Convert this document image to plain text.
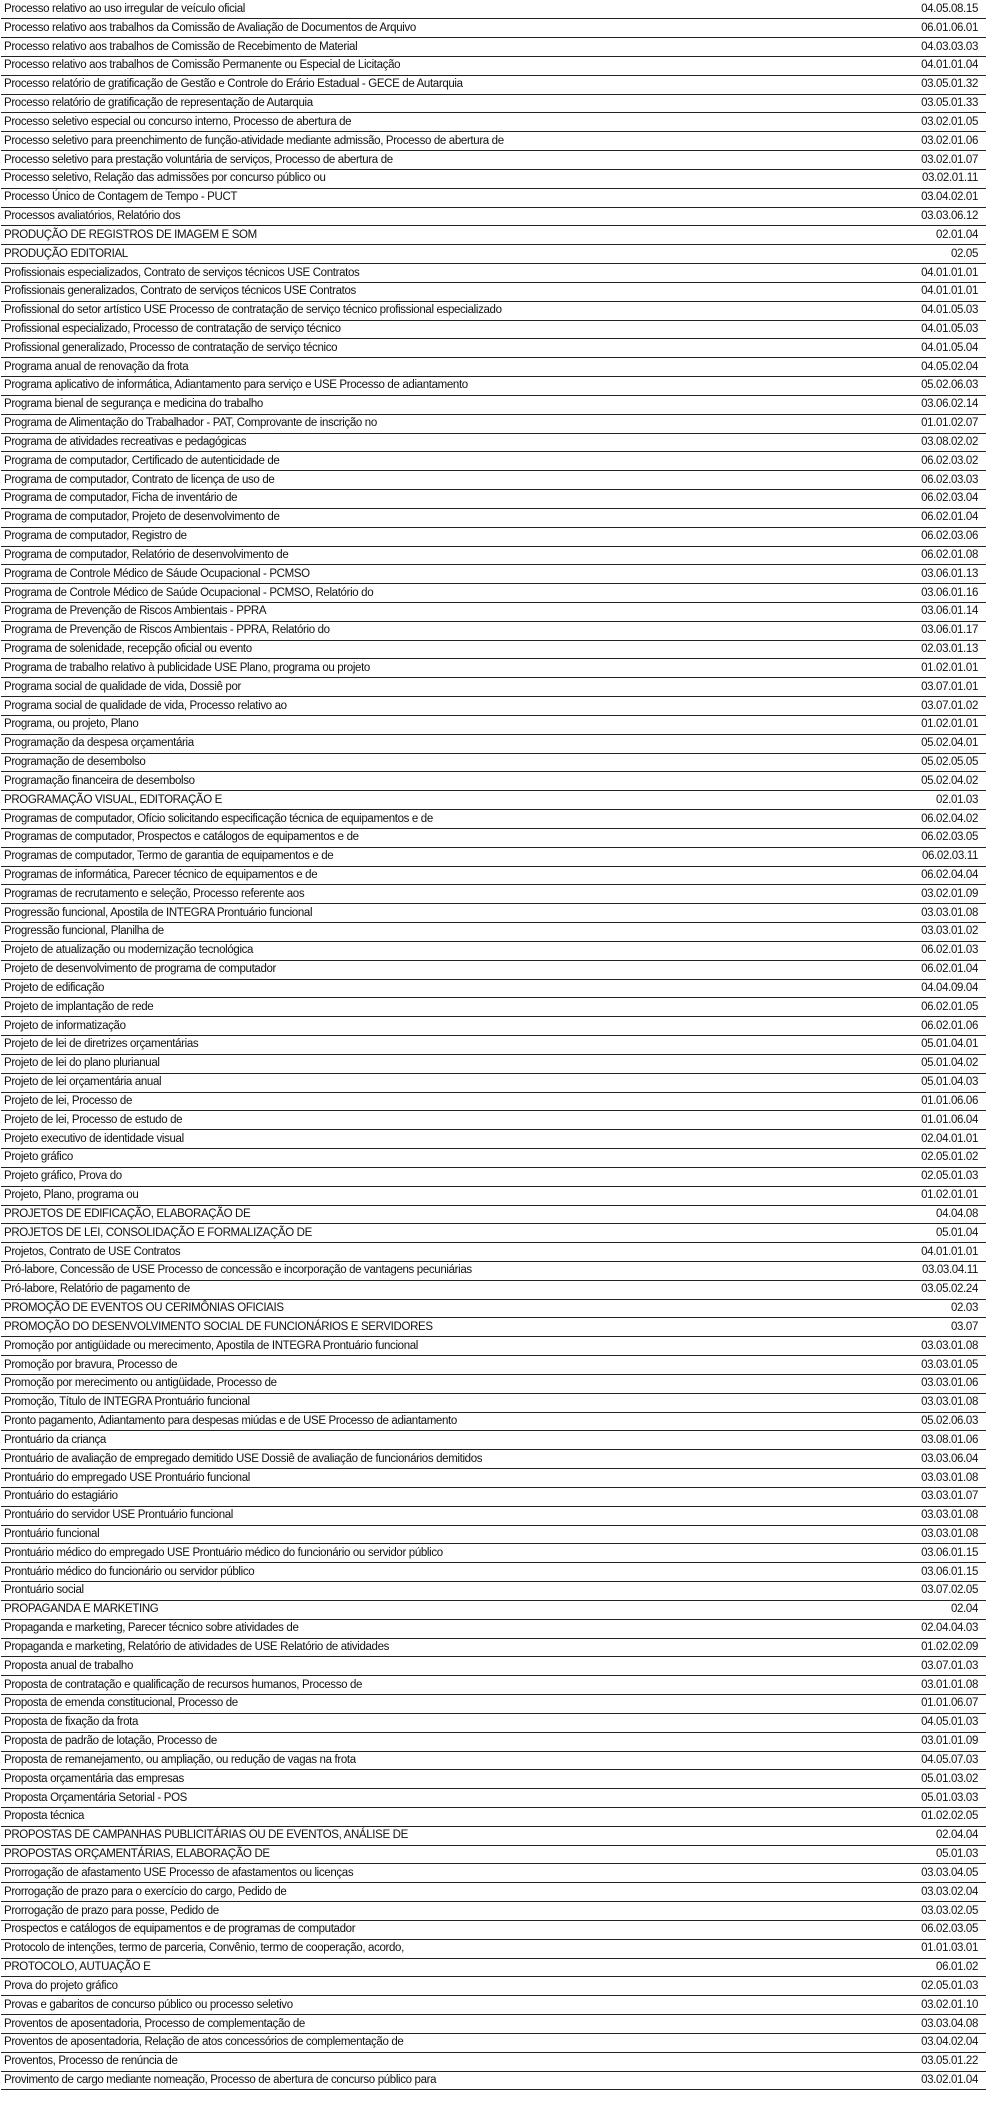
Processo relativo ao uso irregular de veículo oficial	04.05.08.15
Processo relativo aos trabalhos da Comissão de Avaliação de Documentos de Arquivo	06.01.06.01
Processo relativo aos trabalhos de Comissão de Recebimento de Material	04.03.03.03
Processo relativo aos trabalhos de Comissão Permanente ou Especial de Licitação	04.01.01.04
Processo relatório de gratificação de Gestão e Controle do Erário Estadual - GECE de Autarquia	03.05.01.32
Processo relatório de gratificação de representação de Autarquia	03.05.01.33
Processo seletivo especial ou concurso interno, Processo de abertura de	03.02.01.05
Processo seletivo para preenchimento de função-atividade mediante admissão, Processo de abertura de	03.02.01.06
Processo seletivo para prestação voluntária de serviços, Processo de abertura de	03.02.01.07
Processo seletivo, Relação das admissões por concurso público ou	03.02.01.11
Processo Único de Contagem de Tempo - PUCT	03.04.02.01
Processos avaliatórios, Relatório dos	03.03.06.12
PRODUÇÃO DE REGISTROS DE IMAGEM E SOM	02.01.04
PRODUÇÃO EDITORIAL	02.05
Profissionais especializados, Contrato de serviços técnicos USE Contratos	04.01.01.01
Profissionais generalizados, Contrato de serviços técnicos USE Contratos	04.01.01.01
Profissional do setor artístico USE Processo de contratação de serviço técnico profissional especializado	04.01.05.03
Profissional especializado, Processo de contratação de serviço técnico	04.01.05.03
Profissional generalizado, Processo de contratação de serviço técnico	04.01.05.04
Programa anual de renovação da frota	04.05.02.04
Programa aplicativo de informática, Adiantamento para serviço e USE Processo de adiantamento	05.02.06.03
Programa bienal de segurança e medicina do trabalho	03.06.02.14
Programa de Alimentação do Trabalhador - PAT, Comprovante de inscrição no	01.01.02.07
Programa de atividades recreativas e pedagógicas	03.08.02.02
Programa de computador, Certificado de autenticidade de	06.02.03.02
Programa de computador, Contrato de licença de uso de	06.02.03.03
Programa de computador, Ficha de inventário de	06.02.03.04
Programa de computador, Projeto de desenvolvimento de	06.02.01.04
Programa de computador, Registro de	06.02.03.06
Programa de computador, Relatório de desenvolvimento de	06.02.01.08
Programa de Controle Médico de Sáude Ocupacional - PCMSO	03.06.01.13
Programa de Controle Médico de Saúde Ocupacional - PCMSO, Relatório do	03.06.01.16
Programa de Prevenção de Riscos Ambientais - PPRA	03.06.01.14
Programa de Prevenção de Riscos Ambientais - PPRA, Relatório do	03.06.01.17
Programa de solenidade, recepção oficial ou evento	02.03.01.13
Programa de trabalho relativo à publicidade USE Plano, programa ou projeto	01.02.01.01
Programa social de qualidade de vida, Dossiê por	03.07.01.01
Programa social de qualidade de vida, Processo relativo ao	03.07.01.02
Programa, ou projeto, Plano	01.02.01.01
Programação da despesa orçamentária	05.02.04.01
Programação de desembolso	05.02.05.05
Programação financeira de desembolso	05.02.04.02
PROGRAMAÇÃO VISUAL, EDITORAÇÃO E	02.01.03
Programas de computador, Ofício solicitando especificação técnica de equipamentos e de	06.02.04.02
Programas de computador, Prospectos e catálogos de equipamentos e de	06.02.03.05
Programas de computador, Termo de garantia de equipamentos e de	06.02.03.11
Programas de informática, Parecer técnico de equipamentos e de	06.02.04.04
Programas de recrutamento e seleção, Processo referente aos	03.02.01.09
Progressão funcional, Apostila de INTEGRA Prontuário funcional	03.03.01.08
Progressão funcional, Planilha de	03.03.01.02
Projeto de atualização ou modernização tecnológica	06.02.01.03
Projeto de desenvolvimento de programa de computador	06.02.01.04
Projeto de edificação	04.04.09.04
Projeto de implantação de rede	06.02.01.05
Projeto de informatização	06.02.01.06
Projeto de lei de diretrizes orçamentárias	05.01.04.01
Projeto de lei do plano plurianual	05.01.04.02
Projeto de lei orçamentária anual	05.01.04.03
Projeto de lei, Processo de	01.01.06.06
Projeto de lei, Processo de estudo de	01.01.06.04
Projeto executivo de identidade visual	02.04.01.01
Projeto gráfico	02.05.01.02
Projeto gráfico, Prova do	02.05.01.03
Projeto, Plano, programa ou	01.02.01.01
PROJETOS DE EDIFICAÇÃO, ELABORAÇÃO DE	04.04.08
PROJETOS DE LEI, CONSOLIDAÇÃO E FORMALIZAÇÃO DE	05.01.04
Projetos, Contrato de USE Contratos	04.01.01.01
Pró-labore, Concessão de USE Processo de concessão e incorporação de vantagens pecuniárias	03.03.04.11
Pró-labore, Relatório de pagamento de	03.05.02.24
PROMOÇÃO DE EVENTOS OU CERIMÔNIAS OFICIAIS	02.03
PROMOÇÃO DO DESENVOLVIMENTO SOCIAL DE FUNCIONÁRIOS E SERVIDORES	03.07
Promoção por antigüidade ou merecimento, Apostila de INTEGRA Prontuário funcional	03.03.01.08
Promoção por bravura, Processo de	03.03.01.05
Promoção por merecimento ou antigüidade, Processo de	03.03.01.06
Promoção, Título de INTEGRA Prontuário funcional	03.03.01.08
Pronto pagamento, Adiantamento para despesas miúdas e de USE Processo de adiantamento	05.02.06.03
Prontuário da criança	03.08.01.06
Prontuário de avaliação de empregado demitido USE Dossiê de avaliação de funcionários demitidos	03.03.06.04
Prontuário do empregado USE Prontuário funcional	03.03.01.08
Prontuário do estagiário	03.03.01.07
Prontuário do servidor USE Prontuário funcional	03.03.01.08
Prontuário funcional	03.03.01.08
Prontuário médico do empregado USE Prontuário médico do funcionário ou servidor público	03.06.01.15
Prontuário médico do funcionário ou servidor público	03.06.01.15
Prontuário social	03.07.02.05
PROPAGANDA E MARKETING	02.04
Propaganda e marketing, Parecer técnico sobre atividades de	02.04.04.03
Propaganda e marketing, Relatório de atividades de USE Relatório de atividades	01.02.02.09
Proposta anual de trabalho	03.07.01.03
Proposta de contratação e qualificação de recursos humanos, Processo de	03.01.01.08
Proposta de emenda constitucional, Processo de	01.01.06.07
Proposta de fixação da frota	04.05.01.03
Proposta de padrão de lotação, Processo de	03.01.01.09
Proposta de remanejamento, ou ampliação, ou redução de vagas na frota	04.05.07.03
Proposta orçamentária das empresas	05.01.03.02
Proposta Orçamentária Setorial - POS	05.01.03.03
Proposta técnica	01.02.02.05
PROPOSTAS DE CAMPANHAS PUBLICITÁRIAS OU DE EVENTOS, ANÁLISE DE	02.04.04
PROPOSTAS ORÇAMENTÁRIAS, ELABORAÇÃO DE	05.01.03
Prorrogação de afastamento USE Processo de afastamentos ou licenças	03.03.04.05
Prorrogação de prazo para o exercício do cargo, Pedido de	03.03.02.04
Prorrogação de prazo para posse, Pedido de	03.03.02.05
Prospectos e catálogos de equipamentos e de programas de computador	06.02.03.05
Protocolo de intenções, termo de parceria, Convênio, termo de cooperação, acordo,	01.01.03.01
PROTOCOLO, AUTUAÇÃO E	06.01.02
Prova do projeto gráfico	02.05.01.03
Provas e gabaritos de concurso público ou processo seletivo	03.02.01.10
Proventos de aposentadoria, Processo de complementação de	03.03.04.08
Proventos de aposentadoria, Relação de atos concessórios de complementação de	03.04.02.04
Proventos, Processo de renúncia de	03.05.01.22
Provimento de cargo mediante nomeação, Processo de abertura de concurso público para	03.02.01.04
